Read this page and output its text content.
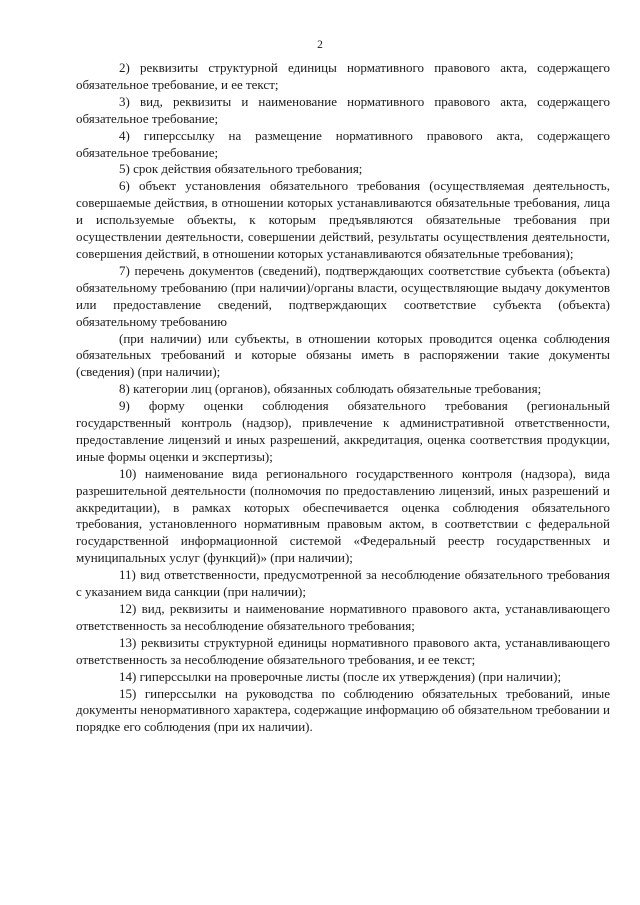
2

2) реквизиты структурной единицы нормативного правового акта, содержащего обязательное требование, и ее текст;

3) вид, реквизиты и наименование нормативного правового акта, содержащего обязательное требование;

4) гиперссылку на размещение нормативного правового акта, содержащего обязательное требование;

5) срок действия обязательного требования;

6) объект установления обязательного требования (осуществляемая деятельность, совершаемые действия, в отношении которых устанавливаются обязательные требования, лица и используемые объекты, к которым предъявляются обязательные требования при осуществлении деятельности, совершении действий, результаты осуществления деятельности, совершения действий, в отношении которых устанавливаются обязательные требования);

7) перечень документов (сведений), подтверждающих соответствие субъекта (объекта) обязательному требованию (при наличии)/органы власти, осуществляющие выдачу документов или предоставление сведений, подтверждающих соответствие субъекта (объекта) обязательному требованию

(при наличии) или субъекты, в отношении которых проводится оценка соблюдения обязательных требований и которые обязаны иметь в распоряжении такие документы (сведения) (при наличии);

8) категории лиц (органов), обязанных соблюдать обязательные требования;

9) форму оценки соблюдения обязательного требования (региональный государственный контроль (надзор), привлечение к административной ответственности, предоставление лицензий и иных разрешений, аккредитация, оценка соответствия продукции, иные формы оценки и экспертизы);

10) наименование вида регионального государственного контроля (надзора), вида разрешительной деятельности (полномочия по предоставлению лицензий, иных разрешений и аккредитации), в рамках которых обеспечивается оценка соблюдения обязательного требования, установленного нормативным правовым актом, в соответствии с федеральной государственной информационной системой «Федеральный реестр государственных и муниципальных услуг (функций)» (при наличии);

11) вид ответственности, предусмотренной за несоблюдение обязательного требования с указанием вида санкции (при наличии);

12) вид, реквизиты и наименование нормативного правового акта, устанавливающего ответственность за несоблюдение обязательного требования;

13) реквизиты структурной единицы нормативного правового акта, устанавливающего ответственность за несоблюдение обязательного требования, и ее текст;

14) гиперссылки на проверочные листы (после их утверждения) (при наличии);

15) гиперссылки на руководства по соблюдению обязательных требований, иные документы ненормативного характера, содержащие информацию об обязательном требовании и порядке его соблюдения (при их наличии).
